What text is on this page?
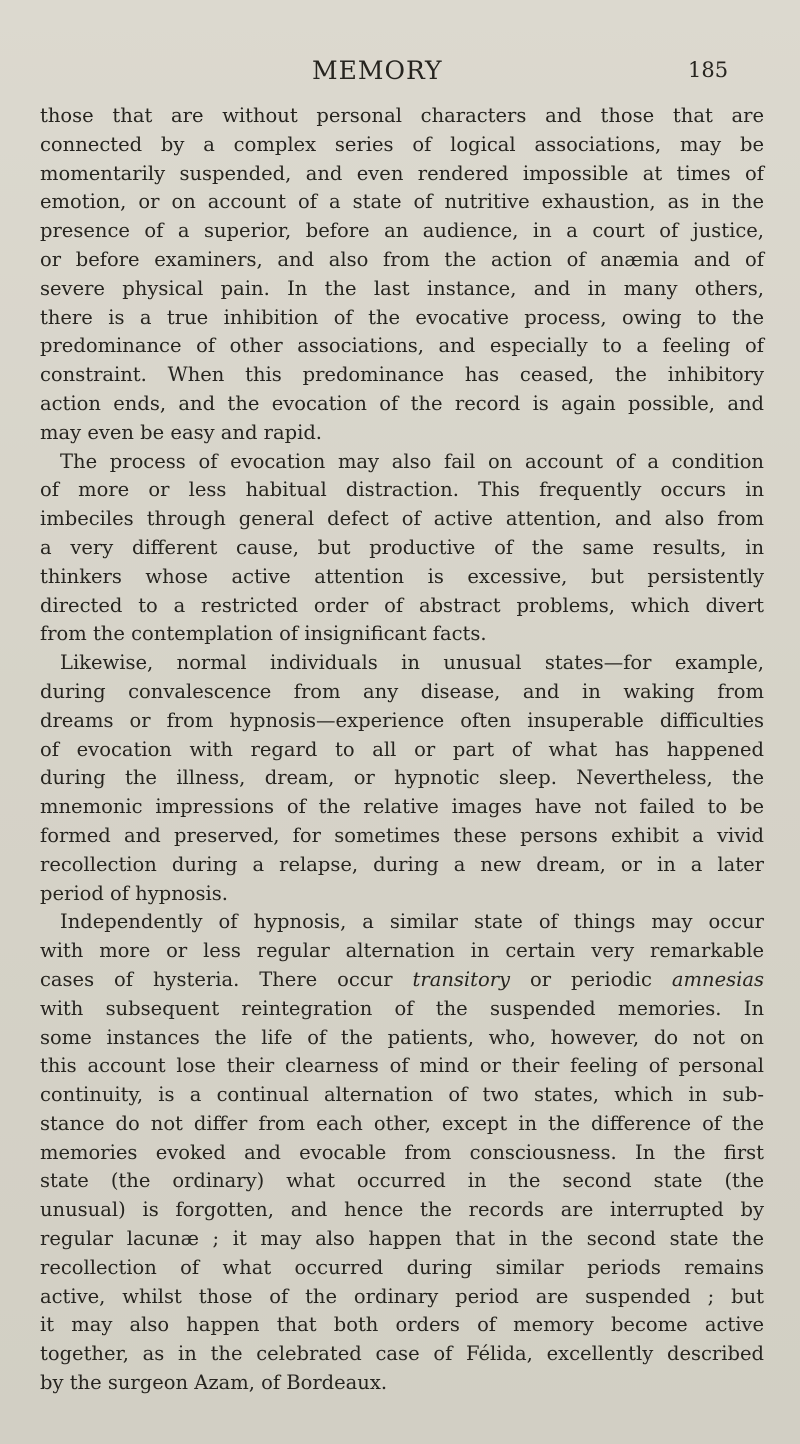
MEMORY	185
those that are without personal characters and those that are
connected by a complex series of logical associations, may be
momentarily suspended, and even rendered impossible at times of
emotion, or on account of a state of nutritive exhaustion, as in the
presence of a superior, before an audience, in a court of justice,
or before examiners, and also from the action of anæmia and of
severe physical pain. In the last instance, and in many others,
there is a true inhibition of the evocative process, owing to the
predominance of other associations, and especially to a feeling of
constraint. When this predominance has ceased, the inhibitory
action ends, and the evocation of the record is again possible, and
may even be easy and rapid.
The process of evocation may also fail on account of a condition
of more or less habitual distraction. This frequently occurs in
imbeciles through general defect of active attention, and also from
a very different cause, but productive of the same results, in
thinkers whose active attention is excessive, but persistently
directed to a restricted order of abstract problems, which divert
from the contemplation of insignificant facts.
Likewise, normal individuals in unusual states—for example,
during convalescence from any disease, and in waking from
dreams or from hypnosis—experience often insuperable difficulties
of evocation with regard to all or part of what has happened
during the illness, dream, or hypnotic sleep. Nevertheless, the
mnemonic impressions of the relative images have not failed to be
formed and preserved, for sometimes these persons exhibit a vivid
recollection during a relapse, during a new dream, or in a later
period of hypnosis.
Independently of hypnosis, a similar state of things may occur
with more or less regular alternation in certain very remarkable
cases of hysteria. There occur transitory or periodic amnesias
with subsequent reintegration of the suspended memories. In
some instances the life of the patients, who, however, do not on
this account lose their clearness of mind or their feeling of personal
continuity, is a continual alternation of two states, which in sub-
stance do not differ from each other, except in the difference of the
memories evoked and evocable from consciousness. In the first
state (the ordinary) what occurred in the second state (the
unusual) is forgotten, and hence the records are interrupted by
regular lacunæ ; it may also happen that in the second state the
recollection of what occurred during similar periods remains
active, whilst those of the ordinary period are suspended ; but
it may also happen that both orders of memory become active
together, as in the celebrated case of Félida, excellently described
by the surgeon Azam, of Bordeaux.
